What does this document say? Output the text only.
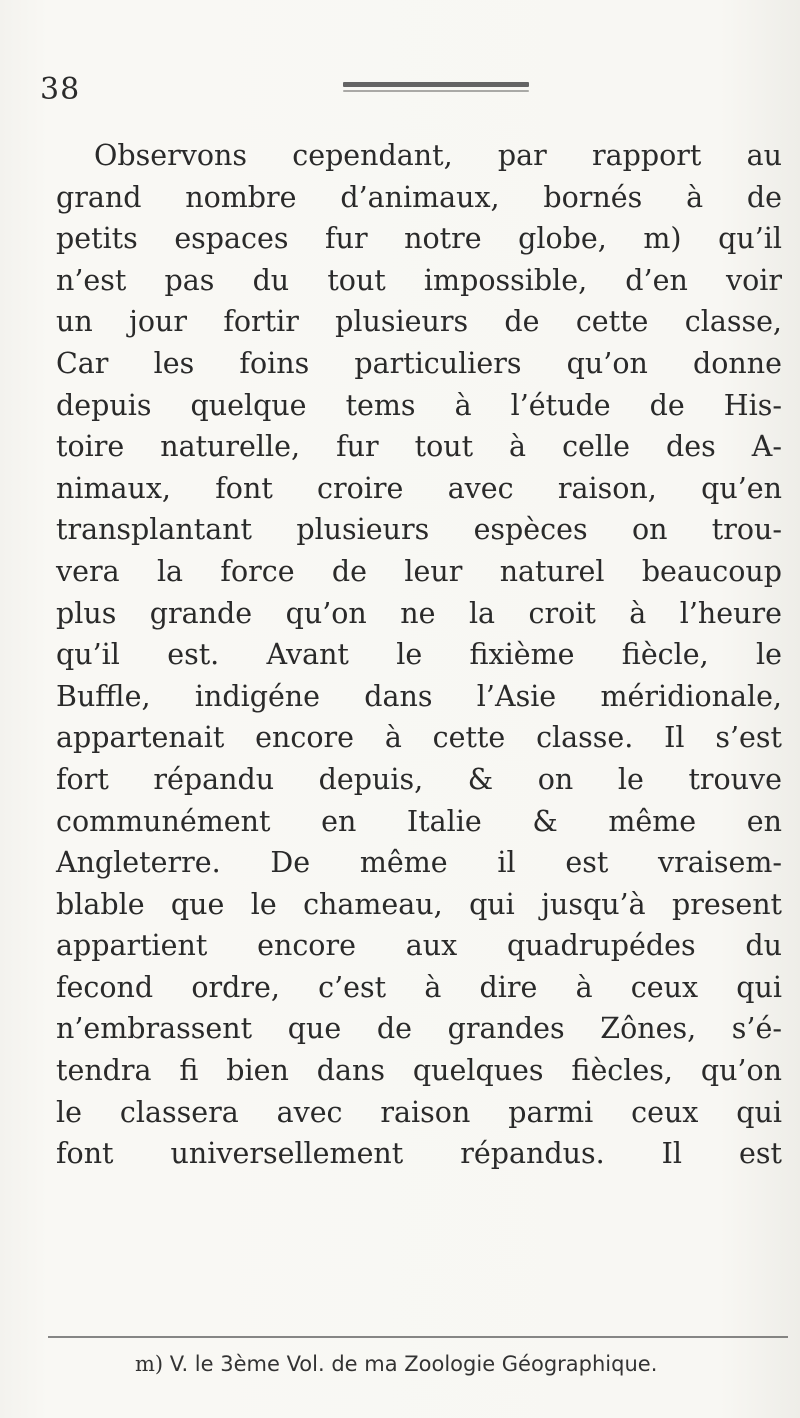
38
Observons cependant, par rapport au
grand nombre d’animaux, bornés à de
petits espaces fur notre globe, m) qu’il
n’est pas du tout impossible, d’en voir
un jour fortir plusieurs de cette classe,
Car les foins particuliers qu’on donne
depuis quelque tems à l’étude de His-
toire naturelle, fur tout à celle des A-
nimaux, font croire avec raison, qu’en
transplantant plusieurs espèces on trou-
vera la force de leur naturel beaucoup
plus grande qu’on ne la croit à l’heure
qu’il est. Avant le fixième fiècle, le
Buffle, indigéne dans l’Asie méridionale,
appartenait encore à cette classe. Il s’est
fort répandu depuis, & on le trouve
communément en Italie & même en
Angleterre. De même il est vraisem-
blable que le chameau, qui jusqu’à present
appartient encore aux quadrupédes du
fecond ordre, c’est à dire à ceux qui
n’embrassent que de grandes Zônes, s’é-
tendra fi bien dans quelques fiècles, qu’on
le classera avec raison parmi ceux qui
font universellement répandus. Il est
m) V. le 3ème Vol. de ma Zoologie Géographique.
